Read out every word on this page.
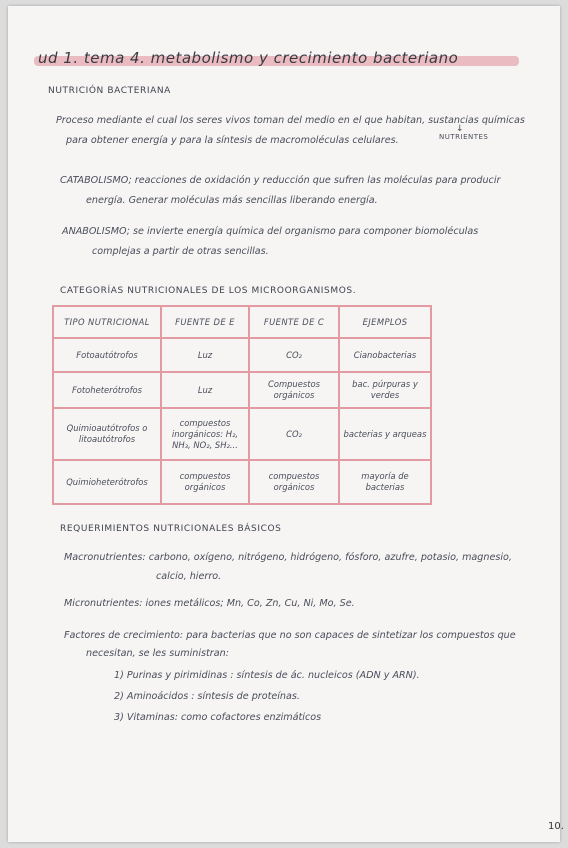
ud 1. tema 4. metabolismo y crecimiento bacteriano
NUTRICIÓN BACTERIANA
Proceso mediante el cual los seres vivos toman del medio en el que habitan, sustancias químicas
para obtener energía y para la síntesis de macromoléculas celulares.
↓
NUTRIENTES
CATABOLISMO; reacciones de oxidación y reducción que sufren las moléculas para producir
energía. Generar moléculas más sencillas liberando energía.
ANABOLISMO; se invierte energía química del organismo para componer biomoléculas
complejas a partir de otras sencillas.
CATEGORÍAS NUTRICIONALES DE LOS MICROORGANISMOS.
TIPO NUTRICIONAL	FUENTE DE E	FUENTE DE C	EJEMPLOS
Fotoautótrofos	Luz	CO₂	Cianobacterias
Fotoheterótrofos	Luz	Compuestos orgánicos	bac. púrpuras y verdes
Quimioautótrofos o litoautótrofos	compuestos inorgánicos: H₂, NH₃, NO₂, SH₂...	CO₂	bacterias y arqueas
Quimioheterótrofos	compuestos orgánicos	compuestos orgánicos	mayoría de bacterias
REQUERIMIENTOS NUTRICIONALES BÁSICOS
Macronutrientes: carbono, oxígeno, nitrógeno, hidrógeno, fósforo, azufre, potasio, magnesio,
calcio, hierro.
Micronutrientes: iones metálicos; Mn, Co, Zn, Cu, Ni, Mo, Se.
Factores de crecimiento: para bacterias que no son capaces de sintetizar los compuestos que
necesitan, se les suministran:
1) Purinas y pirimidinas : síntesis de ác. nucleicos (ADN y ARN).
2) Aminoácidos : síntesis de proteínas.
3) Vitaminas: como cofactores enzimáticos
10.
